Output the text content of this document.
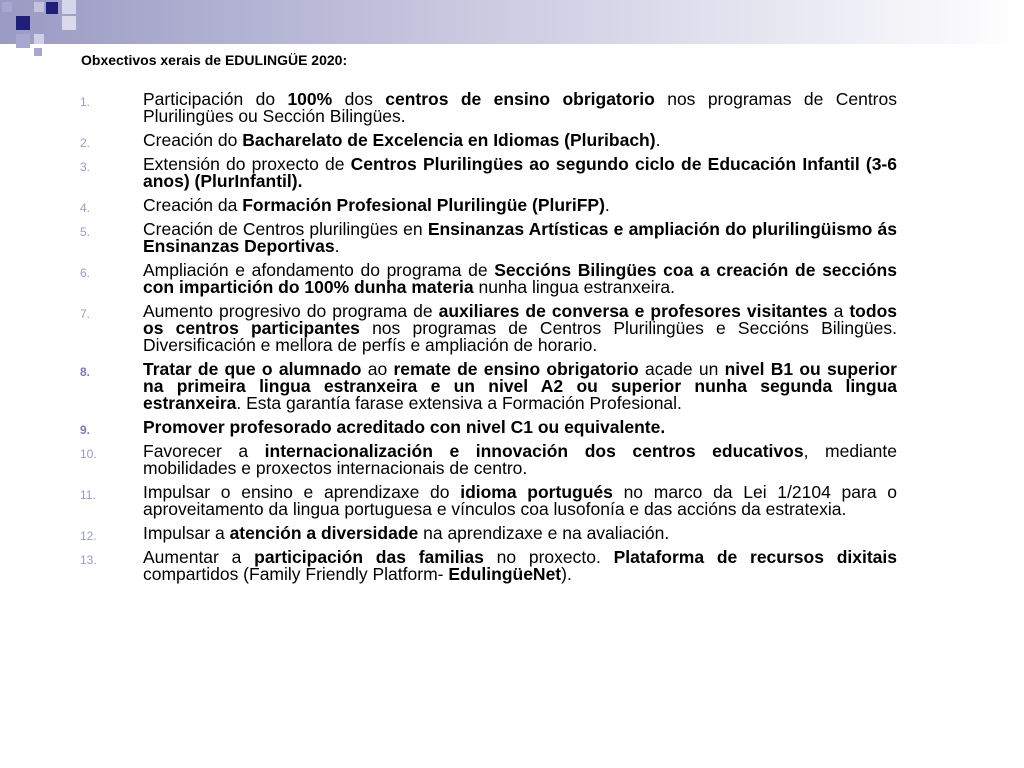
Obxectivos xerais de EDULINGÜE 2020:
1.	Participación do 100% dos centros de ensino obrigatorio nos programas de Centros Plurilingües ou Sección Bilingües.
2.	Creación do Bacharelato de Excelencia en Idiomas (Pluribach).
3.	Extensión do proxecto de Centros Plurilingües ao segundo ciclo de Educación Infantil (3-6 anos) (PlurInfantil).
4.	Creación da Formación Profesional Plurilingüe (PluriFP).
5.	Creación de Centros plurilingües en Ensinanzas Artísticas e ampliación do plurilingüismo ás Ensinanzas Deportivas.
6.	Ampliación e afondamento do programa de Seccións Bilingües coa a creación de seccións con impartición do 100% dunha materia nunha lingua estranxeira.
7.	Aumento progresivo do programa de auxiliares de conversa e profesores visitantes a todos os centros participantes nos programas de Centros Plurilingües e Seccións Bilingües. Diversificación e mellora de perfís e ampliación de horario.
8.	Tratar de que o alumnado ao remate de ensino obrigatorio acade un nivel B1 ou superior na primeira lingua estranxeira e un nivel A2 ou superior nunha segunda lingua estranxeira. Esta garantía farase extensiva a Formación Profesional.
9.	Promover profesorado acreditado con nivel C1 ou equivalente.
10.	Favorecer a internacionalización e innovación dos centros educativos, mediante mobilidades e proxectos internacionais de centro.
11.	Impulsar o ensino e aprendizaxe do idioma portugués no marco da Lei 1/2104 para o aproveitamento da lingua portuguesa e vínculos coa lusofonía e das accións da estratexia.
12.	Impulsar a atención a diversidade na aprendizaxe e na avaliación.
13.	Aumentar a participación das familias no proxecto. Plataforma de recursos dixitais compartidos (Family Friendly Platform- EdulingüeNet).
